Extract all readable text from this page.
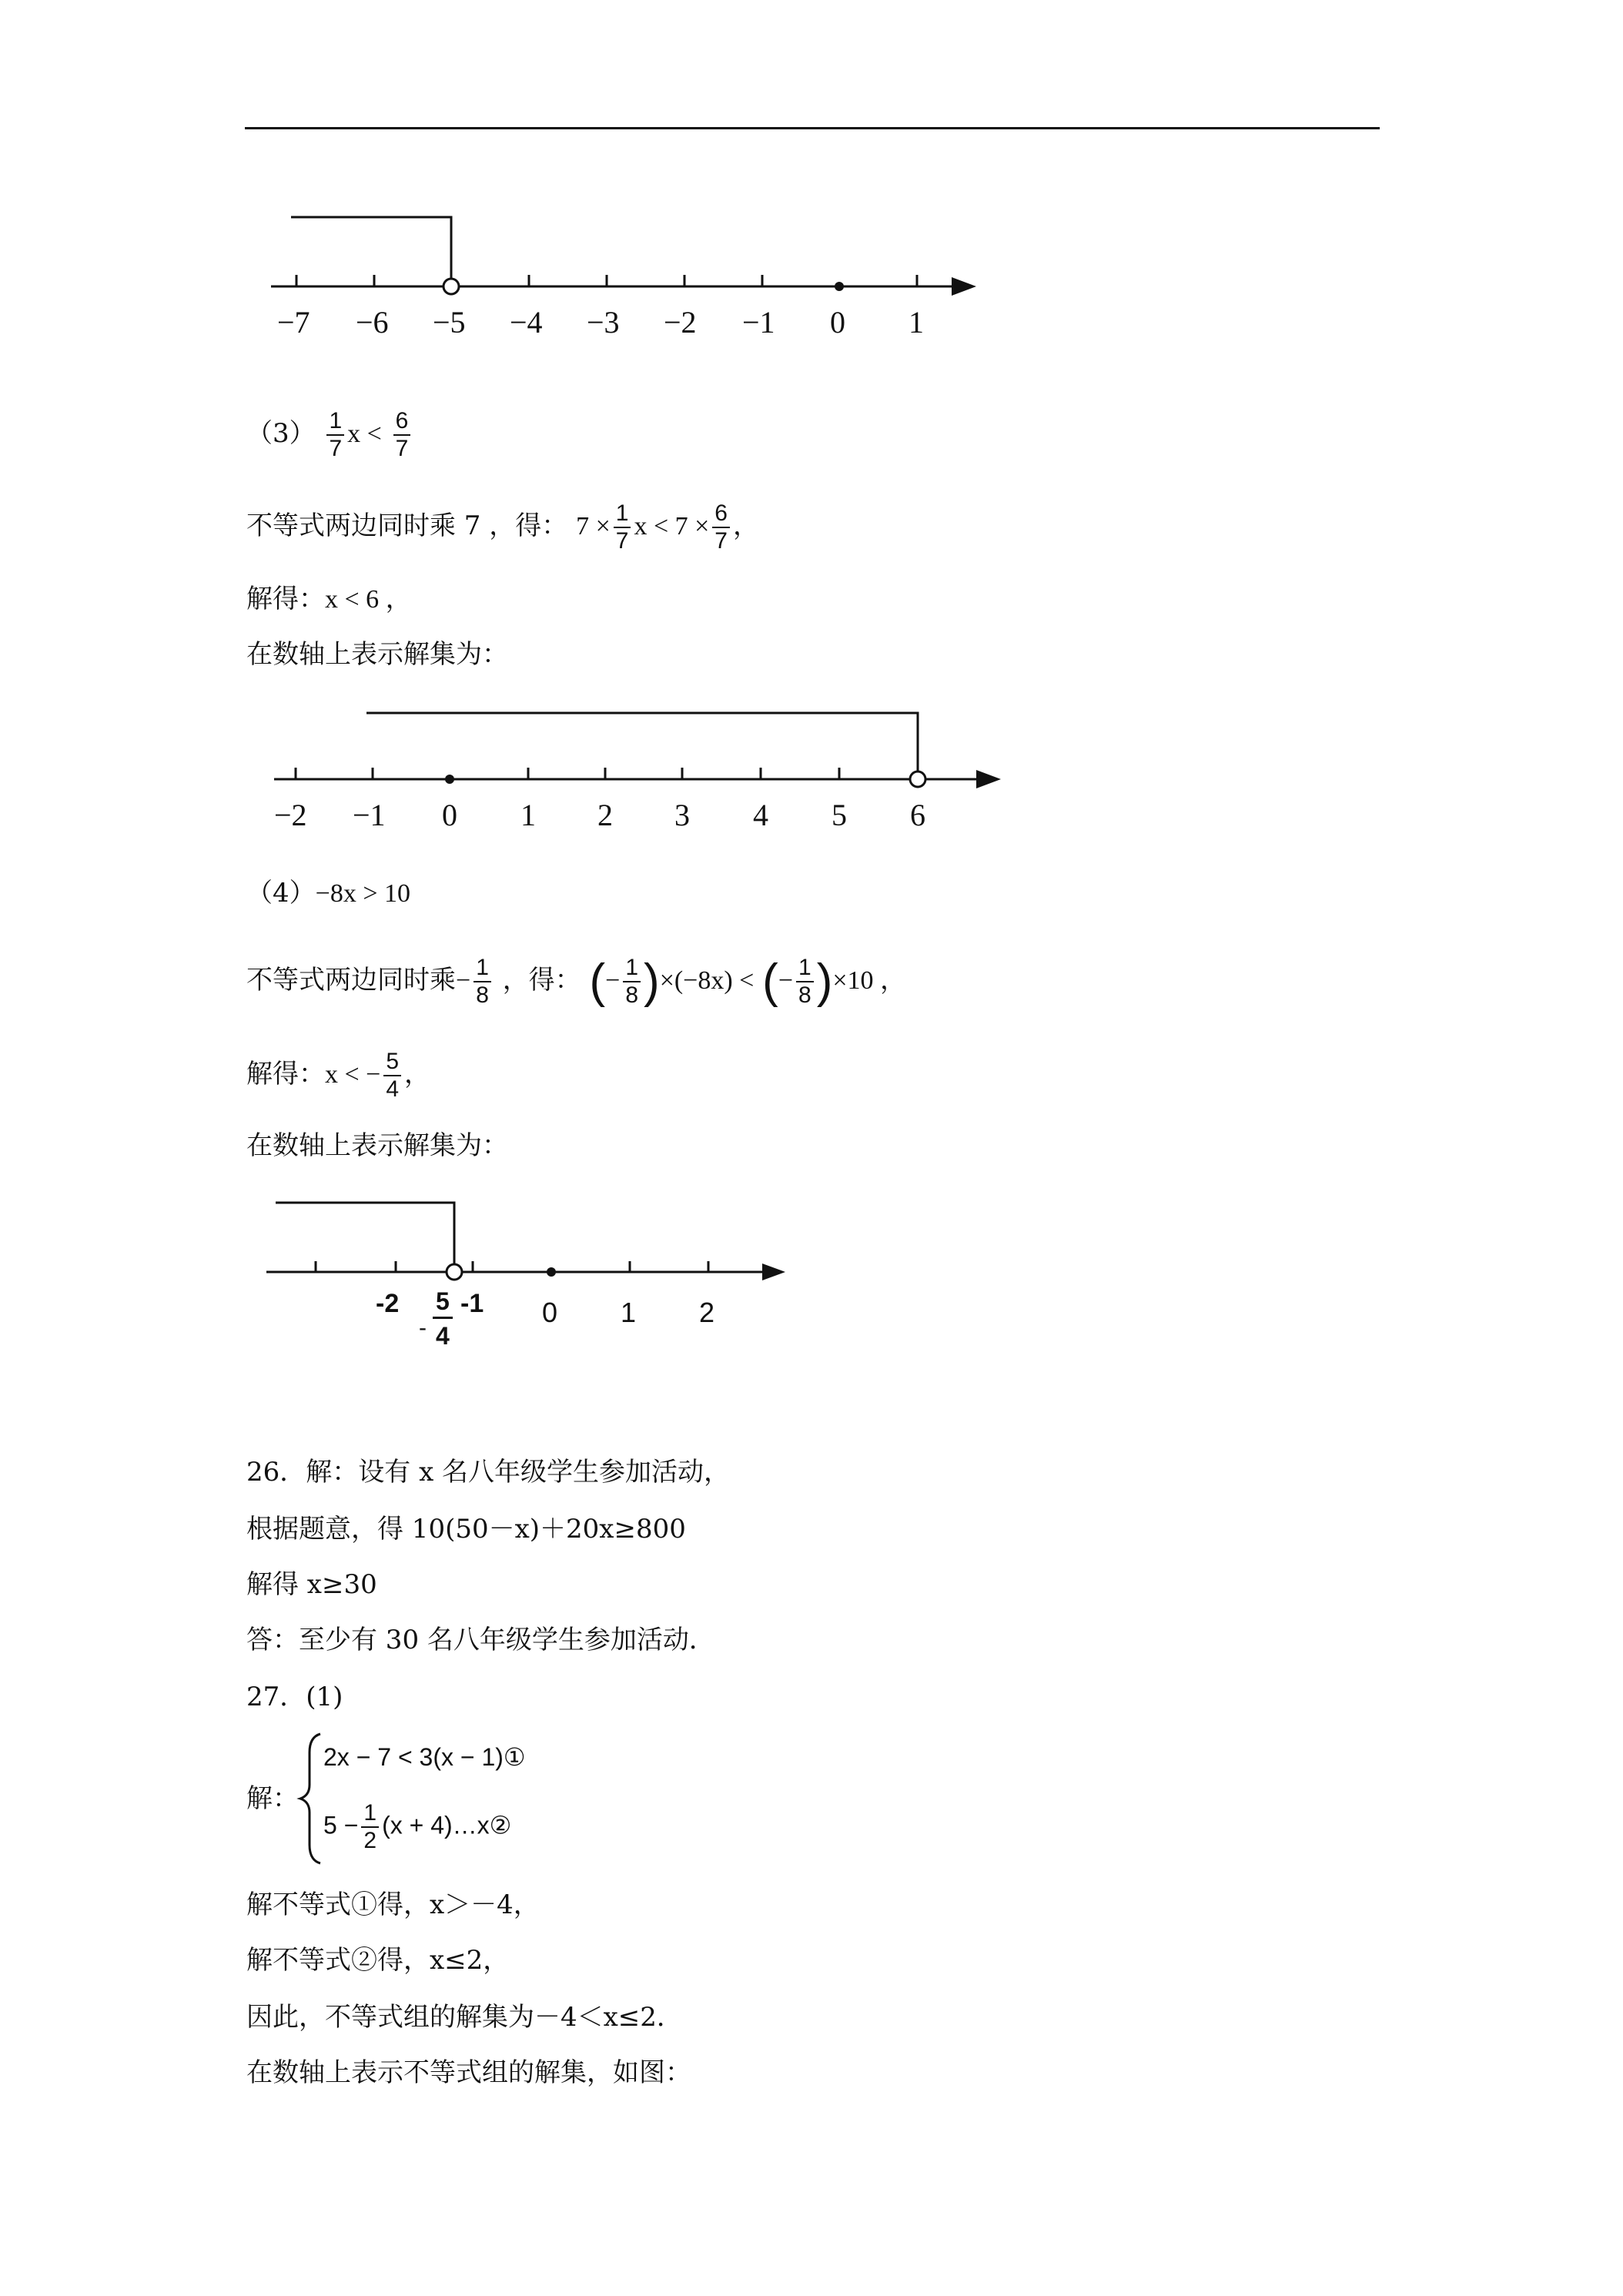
−7 −6 −5 −4 −3 −2 −1 0 1
$(3) \frac{1}{7}$ $x < \frac{6}{7}$
不等式两边同时乘 7 ，得： $7 \times \frac{1}{7}$ $x < 7 \times \frac{6}{7}$ ，
解得：x < 6 ，
在数轴上表示解集为：
−2 −1 0 1 2 3 4 5 6
（4）−8x > 10
不等式两边同时乘− $\frac{1}{8}$ ，得： (− $\frac{1}{8} )\times(-8x)$ < (− $\frac{1}{8} )\times 10$ ，
解得：x < − $\frac{5}{4}$ ，
在数轴上表示解集为：
-2 -1 0 1 2
- $\frac{5}{4}$
26．解：设有 x 名八年级学生参加活动，
根据题意，得 10(50－x)＋20x≥800
解得 x≥30
答：至少有 30 名八年级学生参加活动．
27．(1)
解：
2x − 7 < 3(x − 1)①
$5 - \frac{1}{2} (x$ + 4)…x②
解不等式①得，x＞－4，
解不等式②得，x≤2，
因此，不等式组的解集为－4＜x≤2．
在数轴上表示不等式组的解集，如图：
